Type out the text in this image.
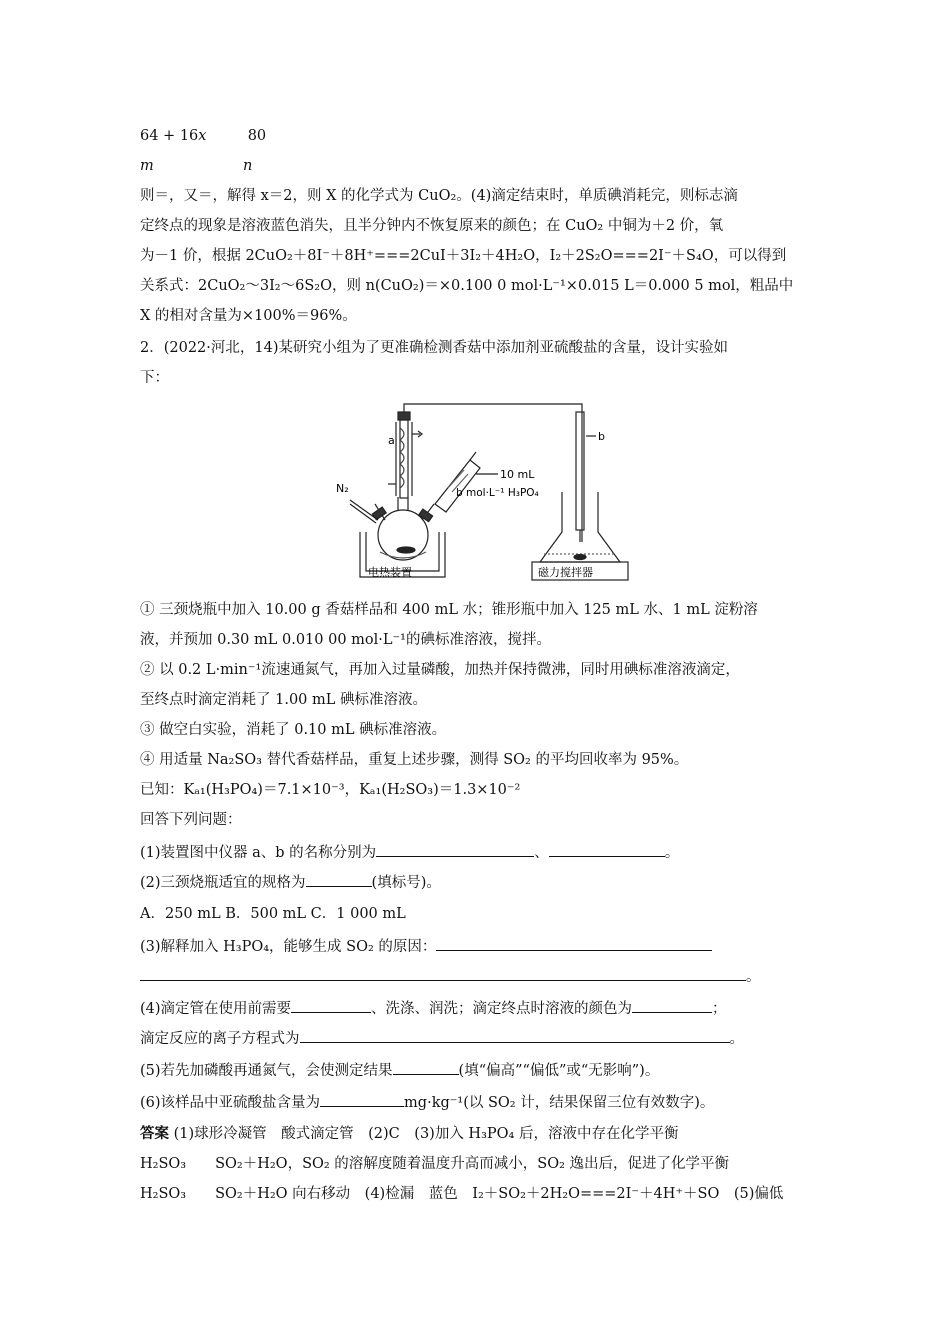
64 + 16x	80
m	n
则＝，又＝，解得 x＝2，则 X 的化学式为 CuO₂。(4)滴定结束时，单质碘消耗完，则标志滴
定终点的现象是溶液蓝色消失，且半分钟内不恢复原来的颜色；在 CuO₂ 中铜为＋2 价，氧
为－1 价，根据 2CuO₂＋8I⁻＋8H⁺===2CuI＋3I₂＋4H₂O，I₂＋2S₂O===2I⁻＋S₄O，可以得到
关系式：2CuO₂～3I₂～6S₂O，则 n(CuO₂)＝×0.100 0 mol·L⁻¹×0.015 L＝0.000 5 mol，粗品中
X 的相对含量为×100%＝96%。
2．(2022·河北，14)某研究小组为了更准确检测香菇中添加剂亚硫酸盐的含量，设计实验如
下：
a	b
N₂
10 mL
b mol·L⁻¹ H₃PO₄
电热装置	磁力搅拌器
① 三颈烧瓶中加入 10.00 g 香菇样品和 400 mL 水；锥形瓶中加入 125 mL 水、1 mL 淀粉溶
液，并预加 0.30 mL 0.010 00 mol·L⁻¹的碘标准溶液，搅拌。
② 以 0.2 L·min⁻¹流速通氮气，再加入过量磷酸，加热并保持微沸，同时用碘标准溶液滴定，
至终点时滴定消耗了 1.00 mL 碘标准溶液。
③ 做空白实验，消耗了 0.10 mL 碘标准溶液。
④ 用适量 Na₂SO₃ 替代香菇样品，重复上述步骤，测得 SO₂ 的平均回收率为 95%。
已知：Kₐ₁(H₃PO₄)＝7.1×10⁻³，Kₐ₁(H₂SO₃)＝1.3×10⁻²
回答下列问题：
(1)装置图中仪器 a、b 的名称分别为	、	。
(2)三颈烧瓶适宜的规格为	(填标号)。
A．250 mL B．500 mL C．1 000 mL
(3)解释加入 H₃PO₄，能够生成 SO₂ 的原因：
。
(4)滴定管在使用前需要	、洗涤、润洗；滴定终点时溶液的颜色为	；
滴定反应的离子方程式为	。
(5)若先加磷酸再通氮气，会使测定结果	(填“偏高”“偏低”或“无影响”)。
(6)该样品中亚硫酸盐含量为	mg·kg⁻¹(以 SO₂ 计，结果保留三位有效数字)。
答案 (1)球形冷凝管　酸式滴定管　(2)C　(3)加入 H₃PO₄ 后，溶液中存在化学平衡
H₂SO₃　　SO₂＋H₂O，SO₂ 的溶解度随着温度升高而减小，SO₂ 逸出后，促进了化学平衡
H₂SO₃　　SO₂＋H₂O 向右移动　(4)检漏　蓝色　I₂＋SO₂＋2H₂O===2I⁻＋4H⁺＋SO　(5)偏低
